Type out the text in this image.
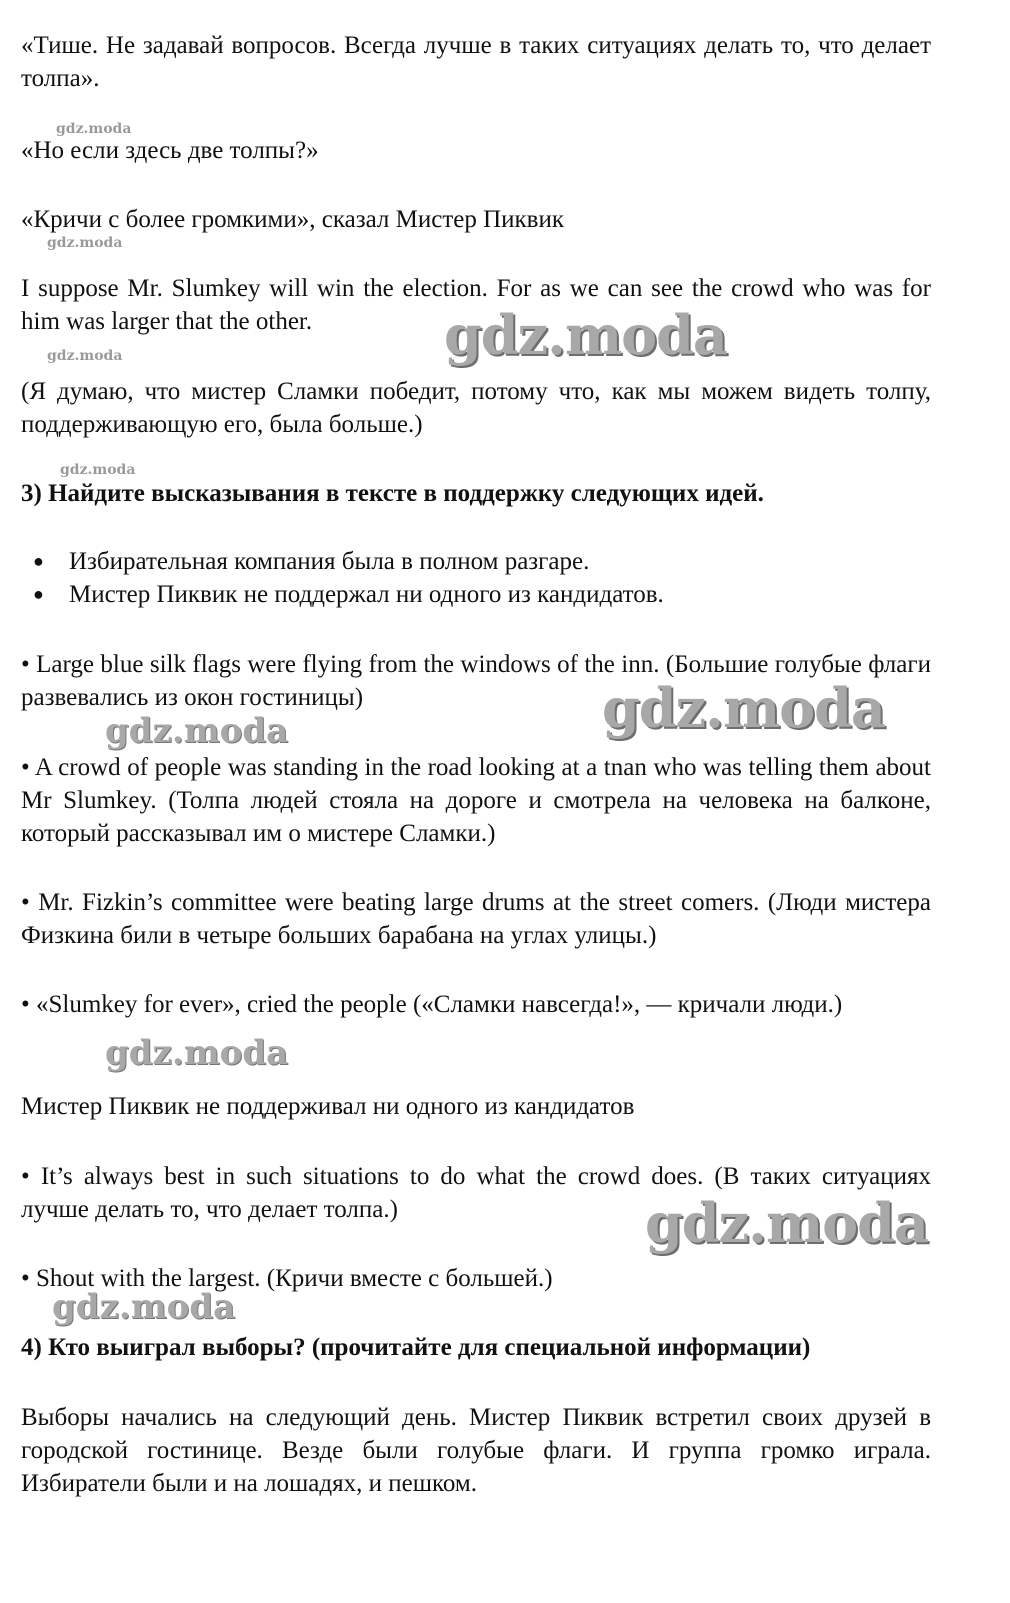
«Тише. Не задавай вопросов. Всегда лучше в таких ситуациях делать то, что делает толпа».

«Но если здесь две толпы?»

«Кричи с более громкими», сказал Мистер Пиквик

I suppose Mr. Slumkey will win the election. For as we can see the crowd who was for him was larger that the other.

(Я думаю, что мистер Сламки победит, потому что, как мы можем видеть толпу, поддерживающую его, была больше.)

3) Найдите высказывания в тексте в поддержку следующих идей.
● Избирательная компания была в полном разгаре.
● Мистер Пиквик не поддержал ни одного из кандидатов.

• Large blue silk flags were flying from the windows of the inn. (Большие голубые флаги развевались из окон гостиницы)

• A crowd of people was standing in the road looking at a tnan who was telling them about Mr Slumkey. (Толпа людей стояла на дороге и смотрела на человека на балконе, который рассказывал им о мистере Сламки.)

• Mr. Fizkin’s committee were beating large drums at the street comers. (Люди мистера Физкина били в четыре больших барабана на углах улицы.)

• «Slumkey for ever», cried the people («Сламки навсегда!», — кричали люди.)

Мистер Пиквик не поддерживал ни одного из кандидатов

• It’s always best in such situations to do what the crowd does. (В таких ситуациях лучше делать то, что делает толпа.)

• Shout with the largest. (Кричи вместе с большей.)

4) Кто выиграл выборы? (прочитайте для специальной информации)

Выборы начались на следующий день. Мистер Пиквик встретил своих друзей в городской гостинице. Везде были голубые флаги. И группа громко играла. Избиратели были и на лошадях, и пешком.

gdz.moda
gdz.moda
gdz.moda
gdz.moda
gdz.moda
gdz.moda
gdz.moda
gdz.moda
gdz.moda
gdz.moda
